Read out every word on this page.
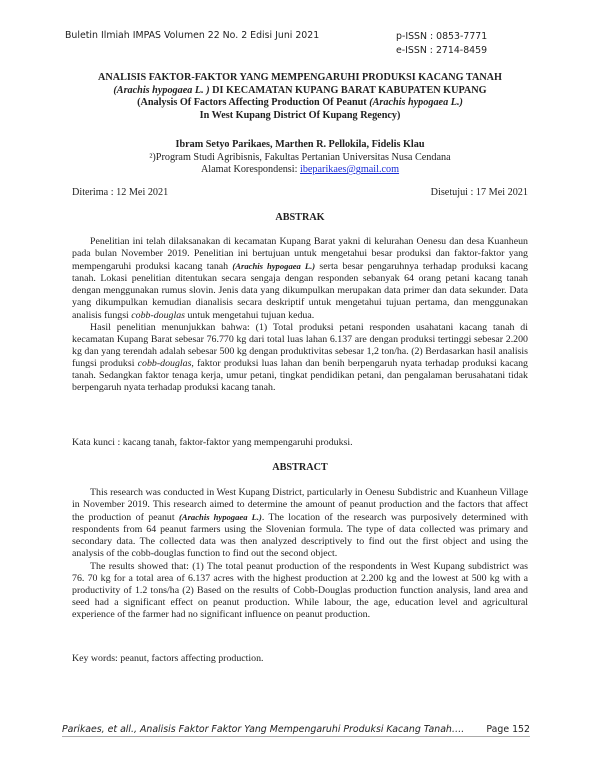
Buletin Ilmiah IMPAS Volumen 22 No. 2 Edisi Juni 2021	p-ISSN : 0853-7771
e-ISSN : 2714-8459
ANALISIS FAKTOR-FAKTOR YANG MEMPENGARUHI PRODUKSI KACANG TANAH
(Arachis hypogaea L. ) DI KECAMATAN KUPANG BARAT KABUPATEN KUPANG
(Analysis Of Factors Affecting Production Of Peanut (Arachis hypogaea L.)
In West Kupang District Of Kupang Regency)
Ibram Setyo Parikaes, Marthen R. Pellokila, Fidelis Klau
²)Program Studi Agribisnis, Fakultas Pertanian Universitas Nusa Cendana
Alamat Korespondensi: ibeparikaes@gmail.com
Diterima : 12 Mei 2021	Disetujui : 17 Mei 2021
ABSTRAK

Penelitian ini telah dilaksanakan di kecamatan Kupang Barat yakni di kelurahan Oenesu dan desa Kuanheun pada bulan November 2019. Penelitian ini bertujuan untuk mengetahui besar produksi dan faktor-faktor yang mempengaruhi produksi kacang tanah (Arachis hypogaea L.) serta besar pengaruhnya terhadap produksi kacang tanah. Lokasi penelitian ditentukan secara sengaja dengan responden sebanyak 64 orang petani kacang tanah dengan menggunakan rumus slovin. Jenis data yang dikumpulkan merupakan data primer dan data sekunder. Data yang dikumpulkan kemudian dianalisis secara deskriptif untuk mengetahui tujuan pertama, dan menggunakan analisis fungsi cobb-douglas untuk mengetahui tujuan kedua.

Hasil penelitian menunjukkan bahwa: (1) Total produksi petani responden usahatani kacang tanah di kecamatan Kupang Barat sebesar 76.770 kg dari total luas lahan 6.137 are dengan produksi tertinggi sebesar 2.200 kg dan yang terendah adalah sebesar 500 kg dengan produktivitas sebesar 1,2 ton/ha. (2) Berdasarkan hasil analisis fungsi produksi cobb-douglas, faktor produksi luas lahan dan benih berpengaruh nyata terhadap produksi kacang tanah. Sedangkan faktor tenaga kerja, umur petani, tingkat pendidikan petani, dan pengalaman berusahatani tidak berpengaruh nyata terhadap produksi kacang tanah.

Kata kunci : kacang tanah, faktor-faktor yang mempengaruhi produksi.
ABSTRACT

This research was conducted in West Kupang District, particularly in Oenesu Subdistric and Kuanheun Village in November 2019. This research aimed to determine the amount of peanut production and the factors that affect the production of peanut (Arachis hypogaea L.). The location of the research was purposively determined with respondents from 64 peanut farmers using the Slovenian formula. The type of data collected was primary and secondary data. The collected data was then analyzed descriptively to find out the first object and using the analysis of the cobb-douglas function to find out the second object.

The results showed that: (1) The total peanut production of the respondents in West Kupang subdistrict was 76. 70 kg for a total area of 6.137 acres with the highest production at 2.200 kg and the lowest at 500 kg with a productivity of 1.2 tons/ha (2) Based on the results of Cobb-Douglas production function analysis, land area and seed had a significant effect on peanut production. While labour, the age, education level and agricultural experience of the farmer had no significant influence on peanut production.

Key words: peanut, factors affecting production.
Parikaes, et all., Analisis Faktor Faktor Yang Mempengaruhi Produksi Kacang Tanah…. Page 152
